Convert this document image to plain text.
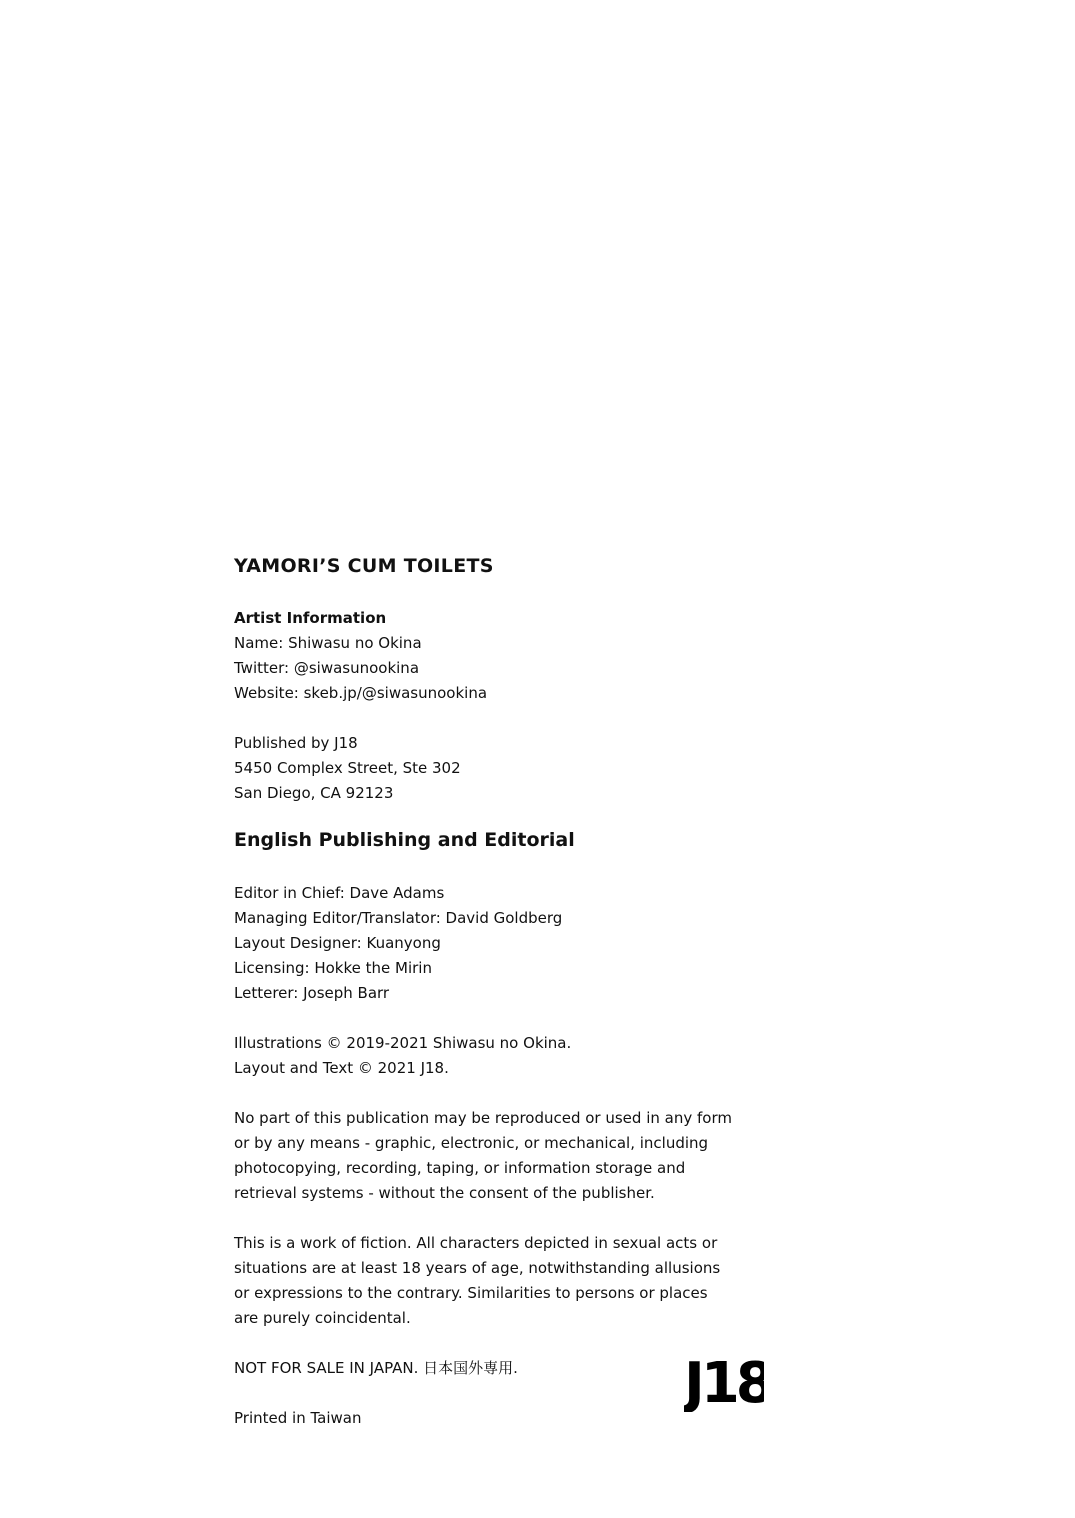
YAMORI’S CUM TOILETS
Artist Information
Name: Shiwasu no Okina
Twitter: @siwasunookina
Website: skeb.jp/@siwasunookina
Published by J18
5450 Complex Street, Ste 302
San Diego, CA 92123
English Publishing and Editorial
Editor in Chief: Dave Adams
Managing Editor/Translator: David Goldberg
Layout Designer: Kuanyong
Licensing: Hokke the Mirin
Letterer: Joseph Barr
Illustrations © 2019-2021 Shiwasu no Okina.
Layout and Text © 2021 J18.
No part of this publication may be reproduced or used in any form
or by any means - graphic, electronic, or mechanical, including
photocopying, recording, taping, or information storage and
retrieval systems - without the consent of the publisher.
This is a work of fiction. All characters depicted in sexual acts or
situations are at least 18 years of age, notwithstanding allusions
or expressions to the contrary. Similarities to persons or places
are purely coincidental.
NOT FOR SALE IN JAPAN. 日本国外専用.
Printed in Taiwan
J18
